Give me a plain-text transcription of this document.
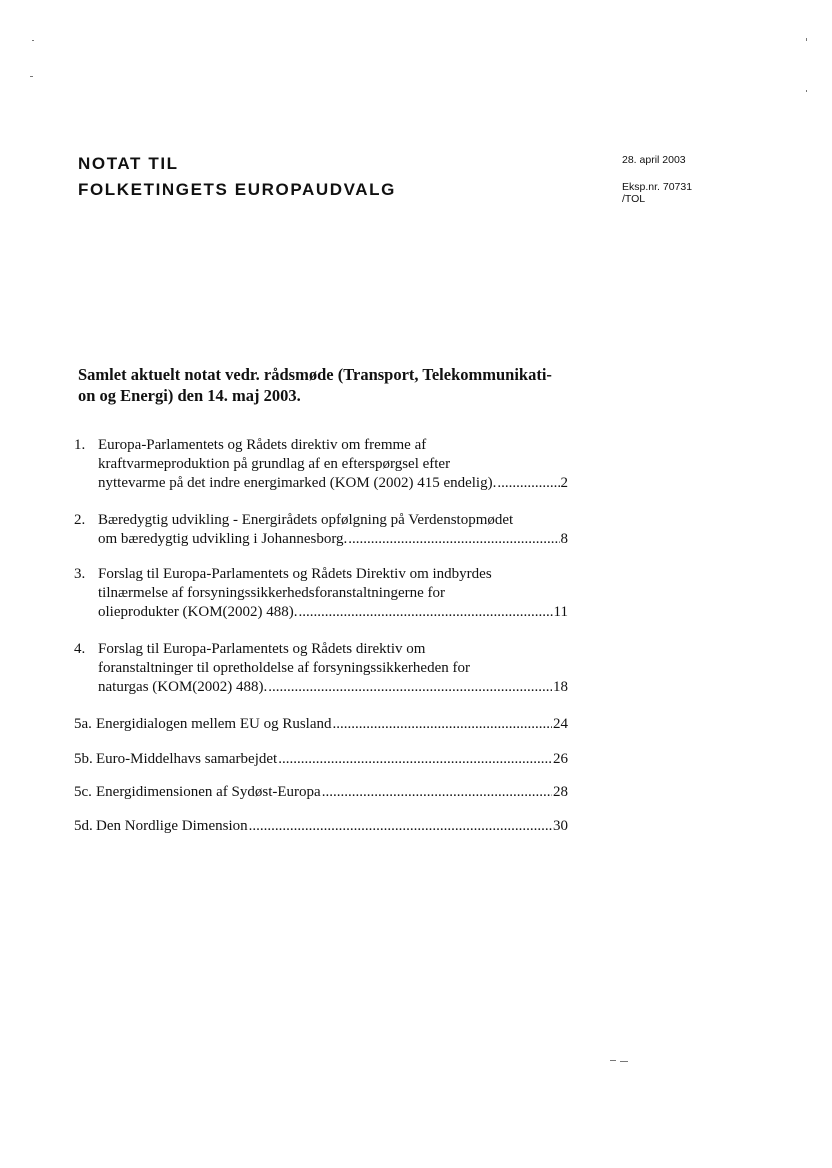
NOTAT TIL
FOLKETINGETS EUROPAUDVALG
28. april 2003
Eksp.nr. 70731
/TOL
Samlet aktuelt notat vedr. rådsmøde (Transport, Telekommunikati-
on og Energi) den 14. maj 2003.
1. Europa-Parlamentets og Rådets direktiv om fremme af
kraftvarmeproduktion på grundlag af en efterspørgsel efter
nyttevarme på det indre energimarked (KOM (2002) 415 endelig). .....	2
2. Bæredygtig udvikling - Energirådets opfølgning på Verdenstopmødet
om bæredygtig udvikling i Johannesborg. .....	8
3. Forslag til Europa-Parlamentets og Rådets Direktiv om indbyrdes
tilnærmelse af forsyningssikkerhedsforanstaltningerne for
olieprodukter (KOM(2002) 488). .....	11
4. Forslag til Europa-Parlamentets og Rådets direktiv om
foranstaltninger til opretholdelse af forsyningssikkerheden for
naturgas (KOM(2002) 488). .....	18
5a. Energidialogen mellem EU og Rusland .....	24
5b. Euro-Middelhavs samarbejdet .....	26
5c. Energidimensionen af Sydøst-Europa .....	28
5d. Den Nordlige Dimension .....	30
